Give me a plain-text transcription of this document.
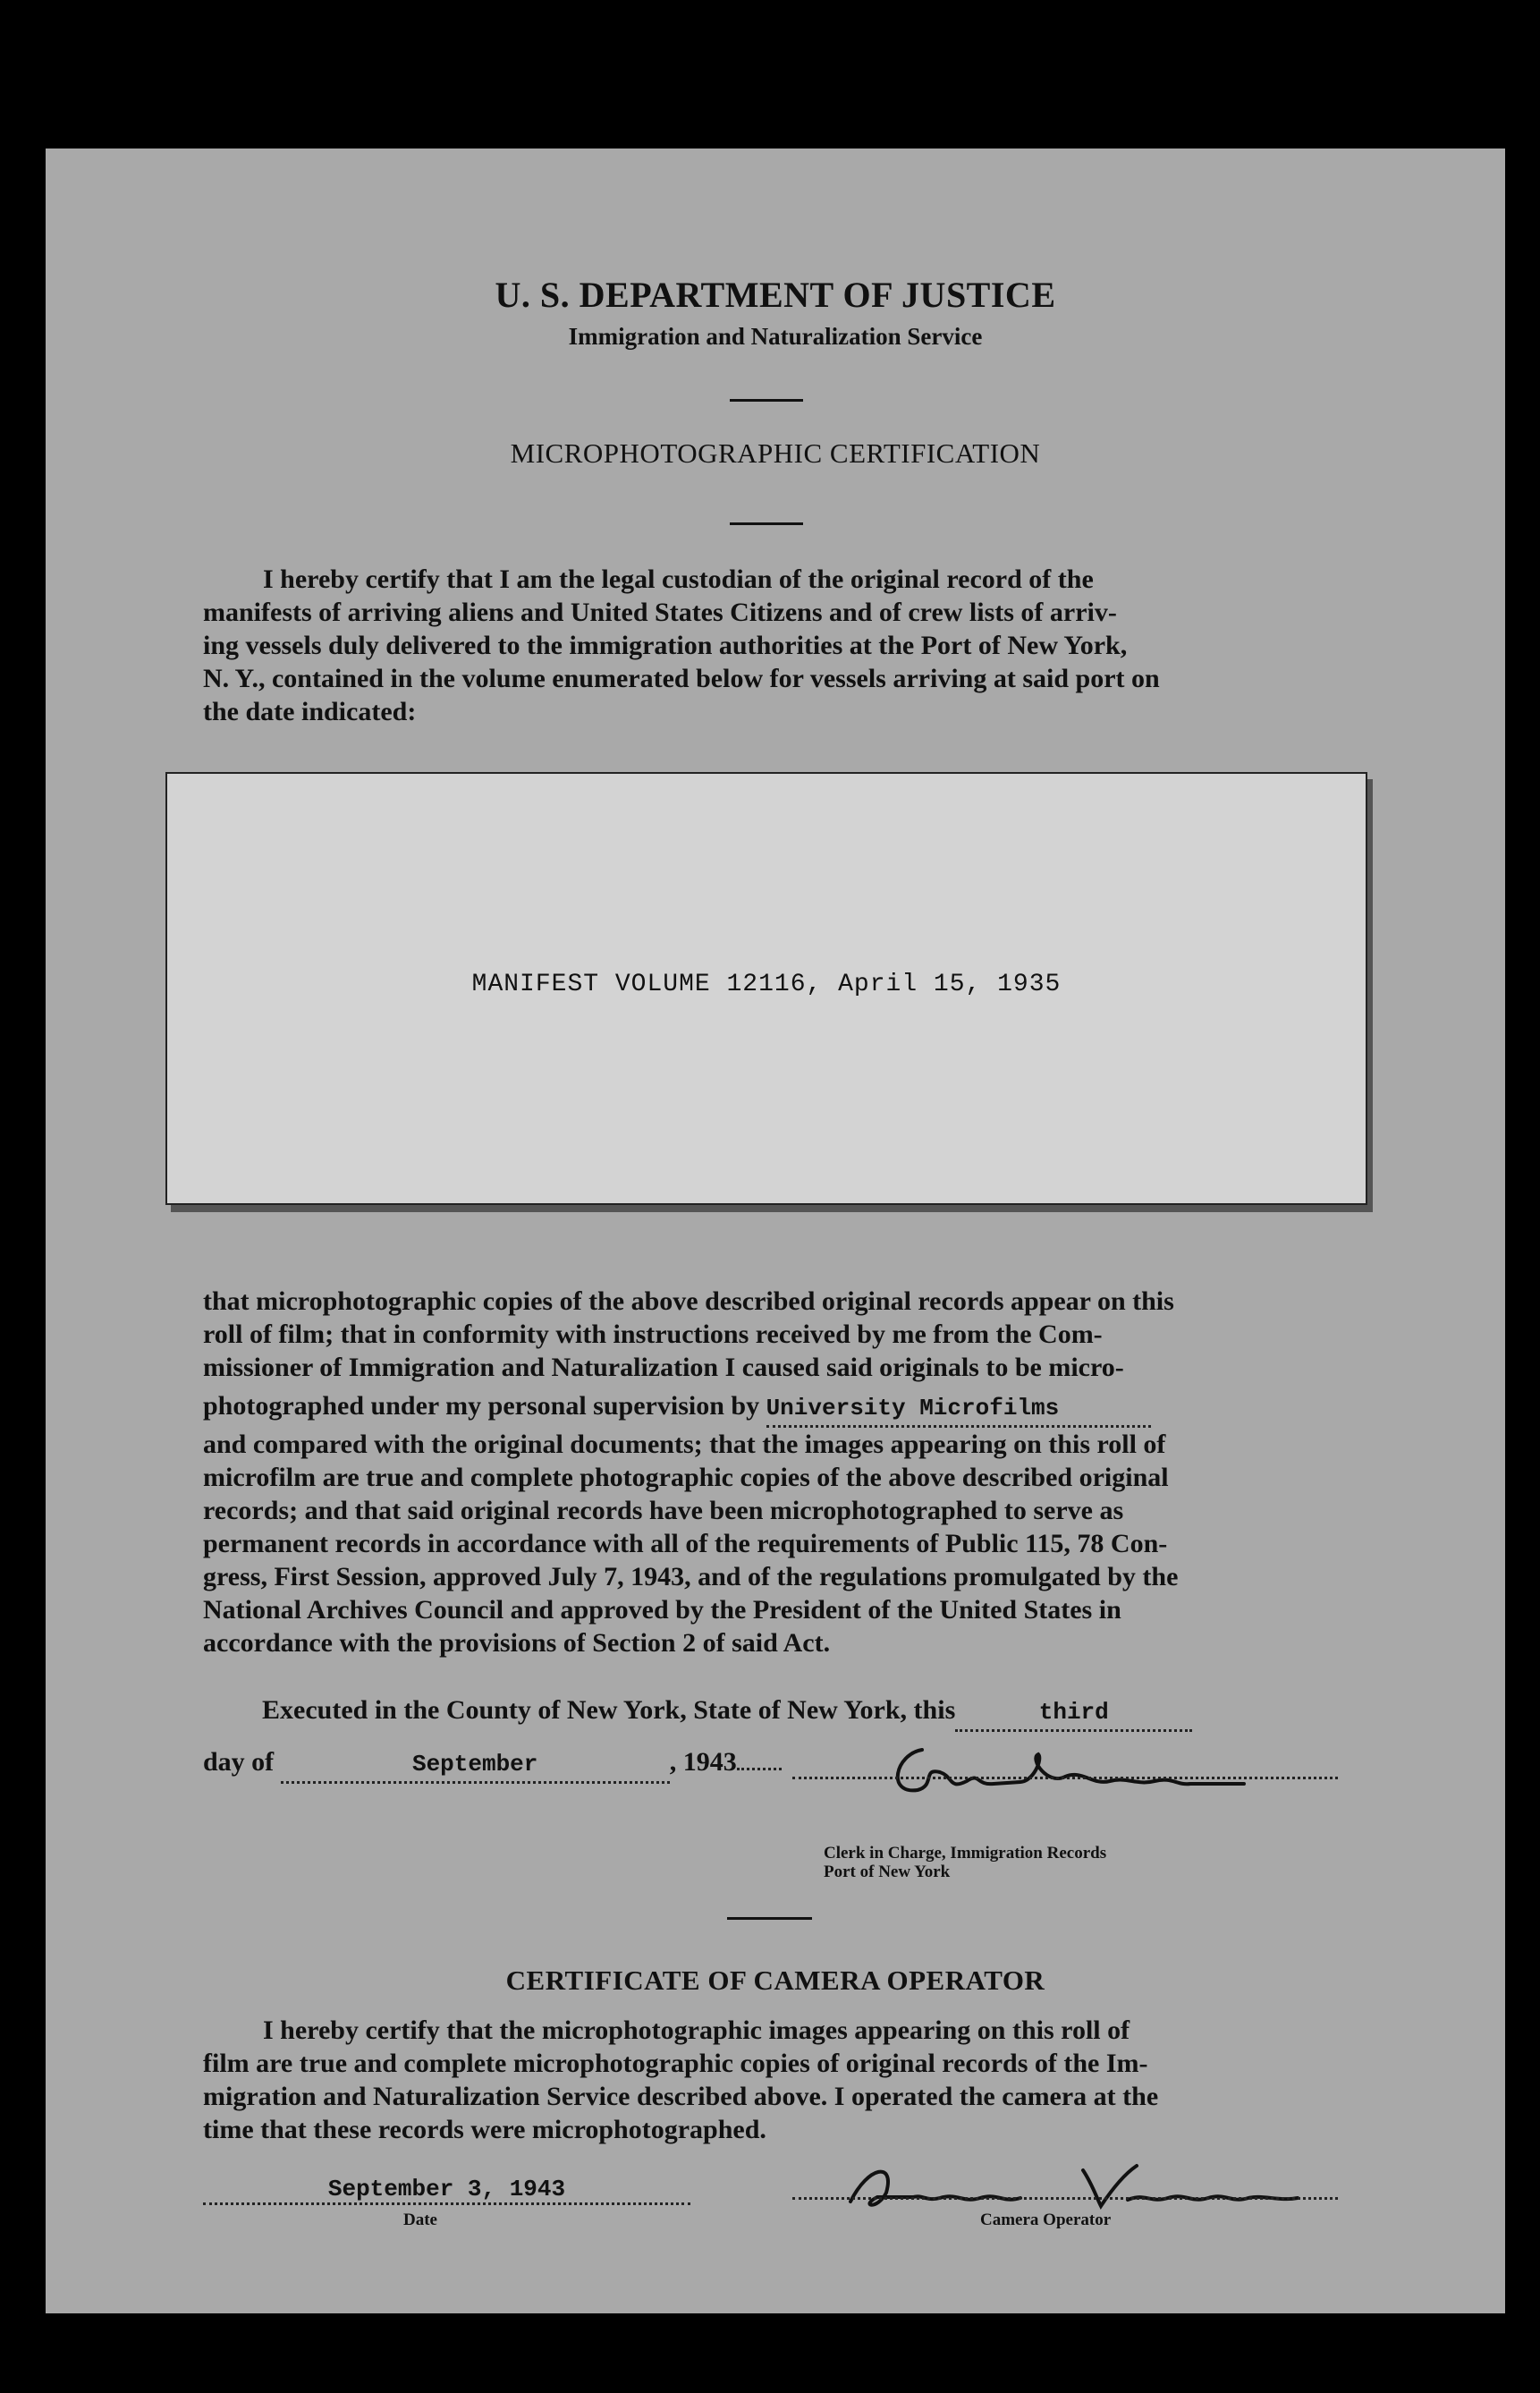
U. S. DEPARTMENT OF JUSTICE
Immigration and Naturalization Service
MICROPHOTOGRAPHIC CERTIFICATION
I hereby certify that I am the legal custodian of the original record of the
manifests of arriving aliens and United States Citizens and of crew lists of arriv-
ing vessels duly delivered to the immigration authorities at the Port of New York,
N. Y., contained in the volume enumerated below for vessels arriving at said port on
the date indicated:
MANIFEST VOLUME 12116, April 15, 1935
that microphotographic copies of the above described original records appear on this
roll of film; that in conformity with instructions received by me from the Com-
missioner of Immigration and Naturalization I caused said originals to be micro-
photographed under my personal supervision by University Microfilms
and compared with the original documents; that the images appearing on this roll of
microfilm are true and complete photographic copies of the above described original
records; and that said original records have been microphotographed to serve as
permanent records in accordance with all of the requirements of Public 115, 78 Con-
gress, First Session, approved July 7, 1943, and of the regulations promulgated by the
National Archives Council and approved by the President of the United States in
accordance with the provisions of Section 2 of said Act.
Executed in the County of New York, State of New York, this	third
day of	September	, 1943
Clerk in Charge, Immigration Records
Port of New York
CERTIFICATE OF CAMERA OPERATOR
I hereby certify that the microphotographic images appearing on this roll of
film are true and complete microphotographic copies of original records of the Im-
migration and Naturalization Service described above. I operated the camera at the
time that these records were microphotographed.
September 3, 1943
Date	Camera Operator
